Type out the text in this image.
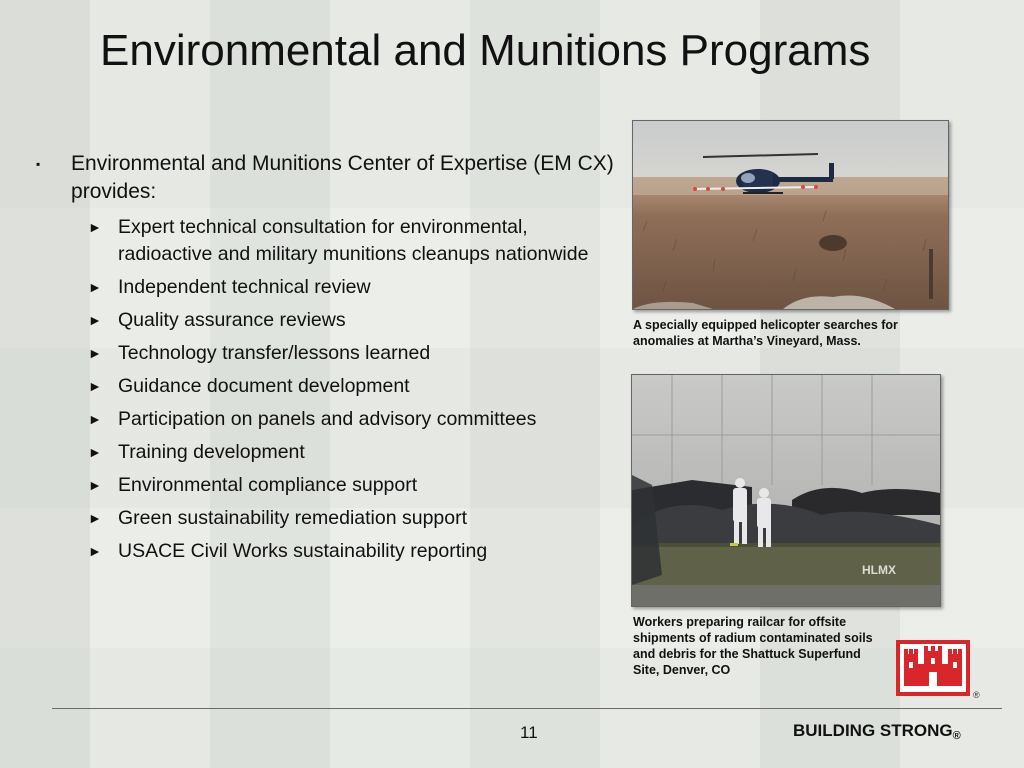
Environmental and Munitions Programs
▪	Environmental and Munitions Center of Expertise (EM CX) provides:
► Expert technical consultation for environmental, radioactive and military munitions cleanups nationwide
► Independent technical review
► Quality assurance reviews
► Technology transfer/lessons learned
► Guidance document development
► Participation on panels and advisory committees
► Training development
► Environmental compliance support
► Green sustainability remediation support
► USACE Civil Works sustainability reporting
A specially equipped helicopter searches for anomalies at Martha’s Vineyard, Mass.
HLMX
Workers preparing railcar for offsite shipments of radium contaminated soils and debris for the Shattuck Superfund Site, Denver, CO
®
11	BUILDING STRONG®
